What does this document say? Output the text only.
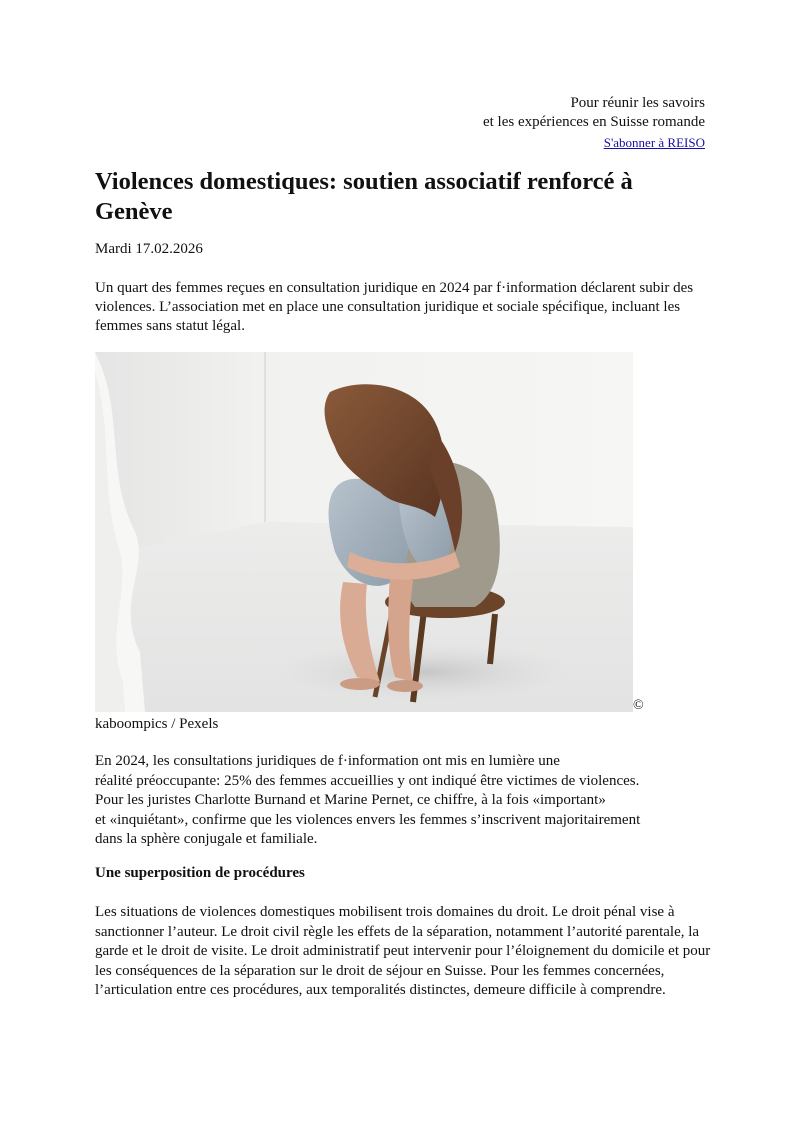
Pour réunir les savoirs
et les expériences en Suisse romande
S'abonner à REISO
Violences domestiques: soutien associatif renforcé à Genève

Mardi 17.02.2026

Un quart des femmes reçues en consultation juridique en 2024 par f·information déclarent subir des violences. L’association met en place une consultation juridique et sociale spécifique, incluant les femmes sans statut légal.

©

kaboompics / Pexels

En 2024, les consultations juridiques de f·information ont mis en lumière une
réalité préoccupante: 25% des femmes accueillies y ont indiqué être victimes de violences.
Pour les juristes Charlotte Burnand et Marine Pernet, ce chiffre, à la fois «important»
et «inquiétant», confirme que les violences envers les femmes s’inscrivent majoritairement
dans la sphère conjugale et familiale.

Une superposition de procédures

Les situations de violences domestiques mobilisent trois domaines du droit. Le droit pénal vise à sanctionner l’auteur. Le droit civil règle les effets de la séparation, notamment l’autorité parentale, la garde et le droit de visite. Le droit administratif peut intervenir pour l’éloignement du domicile et pour les conséquences de la séparation sur le droit de séjour en Suisse. Pour les femmes concernées, l’articulation entre ces procédures, aux temporalités distinctes, demeure difficile à comprendre.
